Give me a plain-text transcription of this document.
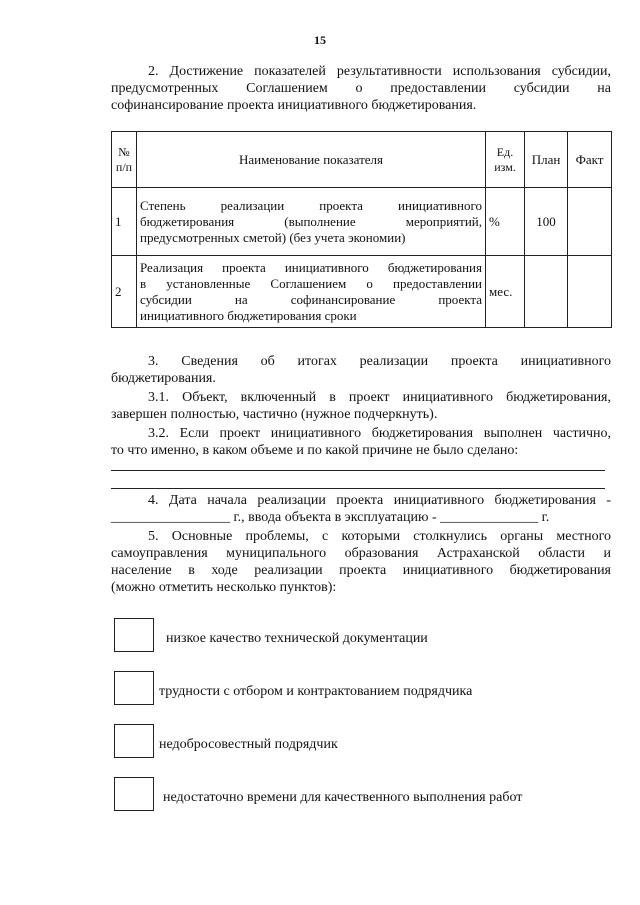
15
2. Достижение показателей результативности использования субсидии,
предусмотренных Соглашением о предоставлении субсидии на
софинансирование проекта инициативного бюджетирования.
№ п/п	Наименование показателя	Ед. изм.	План	Факт
1	Степень реализации проекта инициативного
бюджетирования (выполнение мероприятий,
предусмотренных сметой) (без учета экономии)	%	100	
2	Реализация проекта инициативного бюджетирования
в установленные Соглашением о предоставлении
субсидии на софинансирование проекта
инициативного бюджетирования сроки	мес.		
3. Сведения об итогах реализации проекта инициативного
бюджетирования.
3.1. Объект, включенный в проект инициативного бюджетирования,
завершен полностью, частично (нужное подчеркнуть).
3.2. Если проект инициативного бюджетирования выполнен частично,
то что именно, в каком объеме и по какой причине не было сделано:
4. Дата начала реализации проекта инициативного бюджетирования -
_________________ г., ввода объекта в эксплуатацию - ______________ г.
5. Основные проблемы, с которыми столкнулись органы местного
самоуправления муниципального образования Астраханской области и
население в ходе реализации проекта инициативного бюджетирования
(можно отметить несколько пунктов):
низкое качество технической документации
трудности с отбором и контрактованием подрядчика
недобросовестный подрядчик
недостаточно времени для качественного выполнения работ
